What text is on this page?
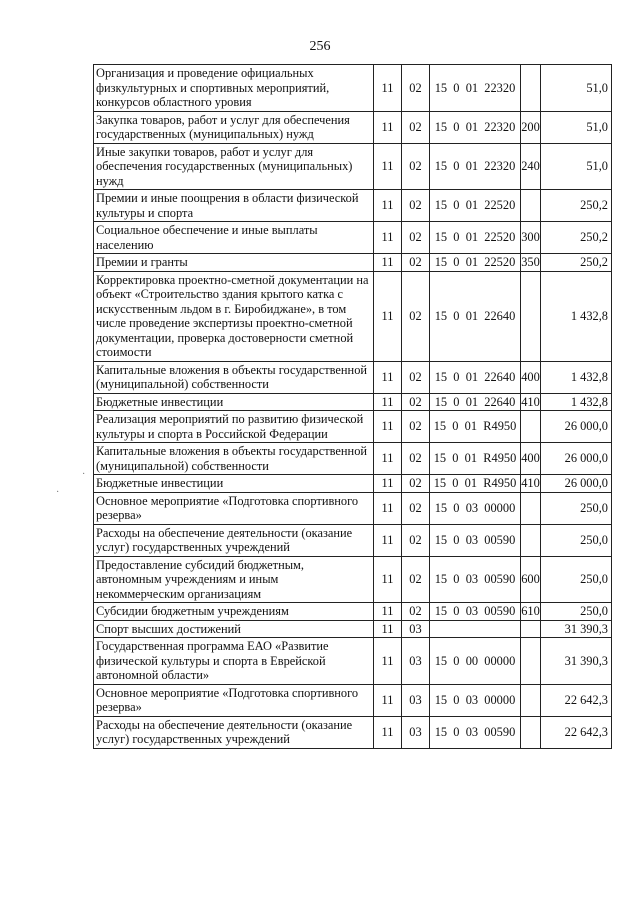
256
·
·
Организация и проведение официальных физкультурных и спортивных мероприятий, конкурсов областного уровия	11	02	15  0  01  22320		51,0
Закупка товаров, работ и услуг для обеспечения государственных (муниципальных) нужд	11	02	15  0  01  22320	200	51,0
Иные закупки товаров, работ и услуг для обеспечения государственных (муниципальных) нужд	11	02	15  0  01  22320	240	51,0
Премии и иные поощрения в области физической культуры и спорта	11	02	15  0  01  22520		250,2
Социальное обеспечение и иные выплаты населению	11	02	15  0  01  22520	300	250,2
Премии и гранты	11	02	15  0  01  22520	350	250,2
Корректировка проектно-сметной документации на объект «Строительство здания крытого катка с искусственным льдом в г. Биробиджане», в том числе проведение экспертизы проектно-сметной документации, проверка достоверности сметной стоимости	11	02	15  0  01  22640		1 432,8
Капитальные вложения в объекты государственной (муниципальной) собственности	11	02	15  0  01  22640	400	1 432,8
Бюджетные инвестиции	11	02	15  0  01  22640	410	1 432,8
Реализация мероприятий по развитию физической культуры и спорта в Российской Федерации	11	02	15  0  01  R4950		26 000,0
Капитальные вложения в объекты государственной (муниципальной) собственности	11	02	15  0  01  R4950	400	26 000,0
Бюджетные инвестиции	11	02	15  0  01  R4950	410	26 000,0
Основное мероприятие «Подготовка спортивного резерва»	11	02	15  0  03  00000		250,0
Расходы на обеспечение деятельности (оказание услуг) государственных учреждений	11	02	15  0  03  00590		250,0
Предоставление субсидий бюджетным, автономным учреждениям и иным некоммерческим организациям	11	02	15  0  03  00590	600	250,0
Субсидии бюджетным учреждениям	11	02	15  0  03  00590	610	250,0
Спорт высших достижений	11	03			31 390,3
Государственная программа ЕАО «Развитие физической культуры и спорта в Еврейской автономной области»	11	03	15  0  00  00000		31 390,3
Основное мероприятие «Подготовка спортивного резерва»	11	03	15  0  03  00000		22 642,3
Расходы на обеспечение деятельности (оказание услуг) государственных учреждений	11	03	15  0  03  00590		22 642,3
